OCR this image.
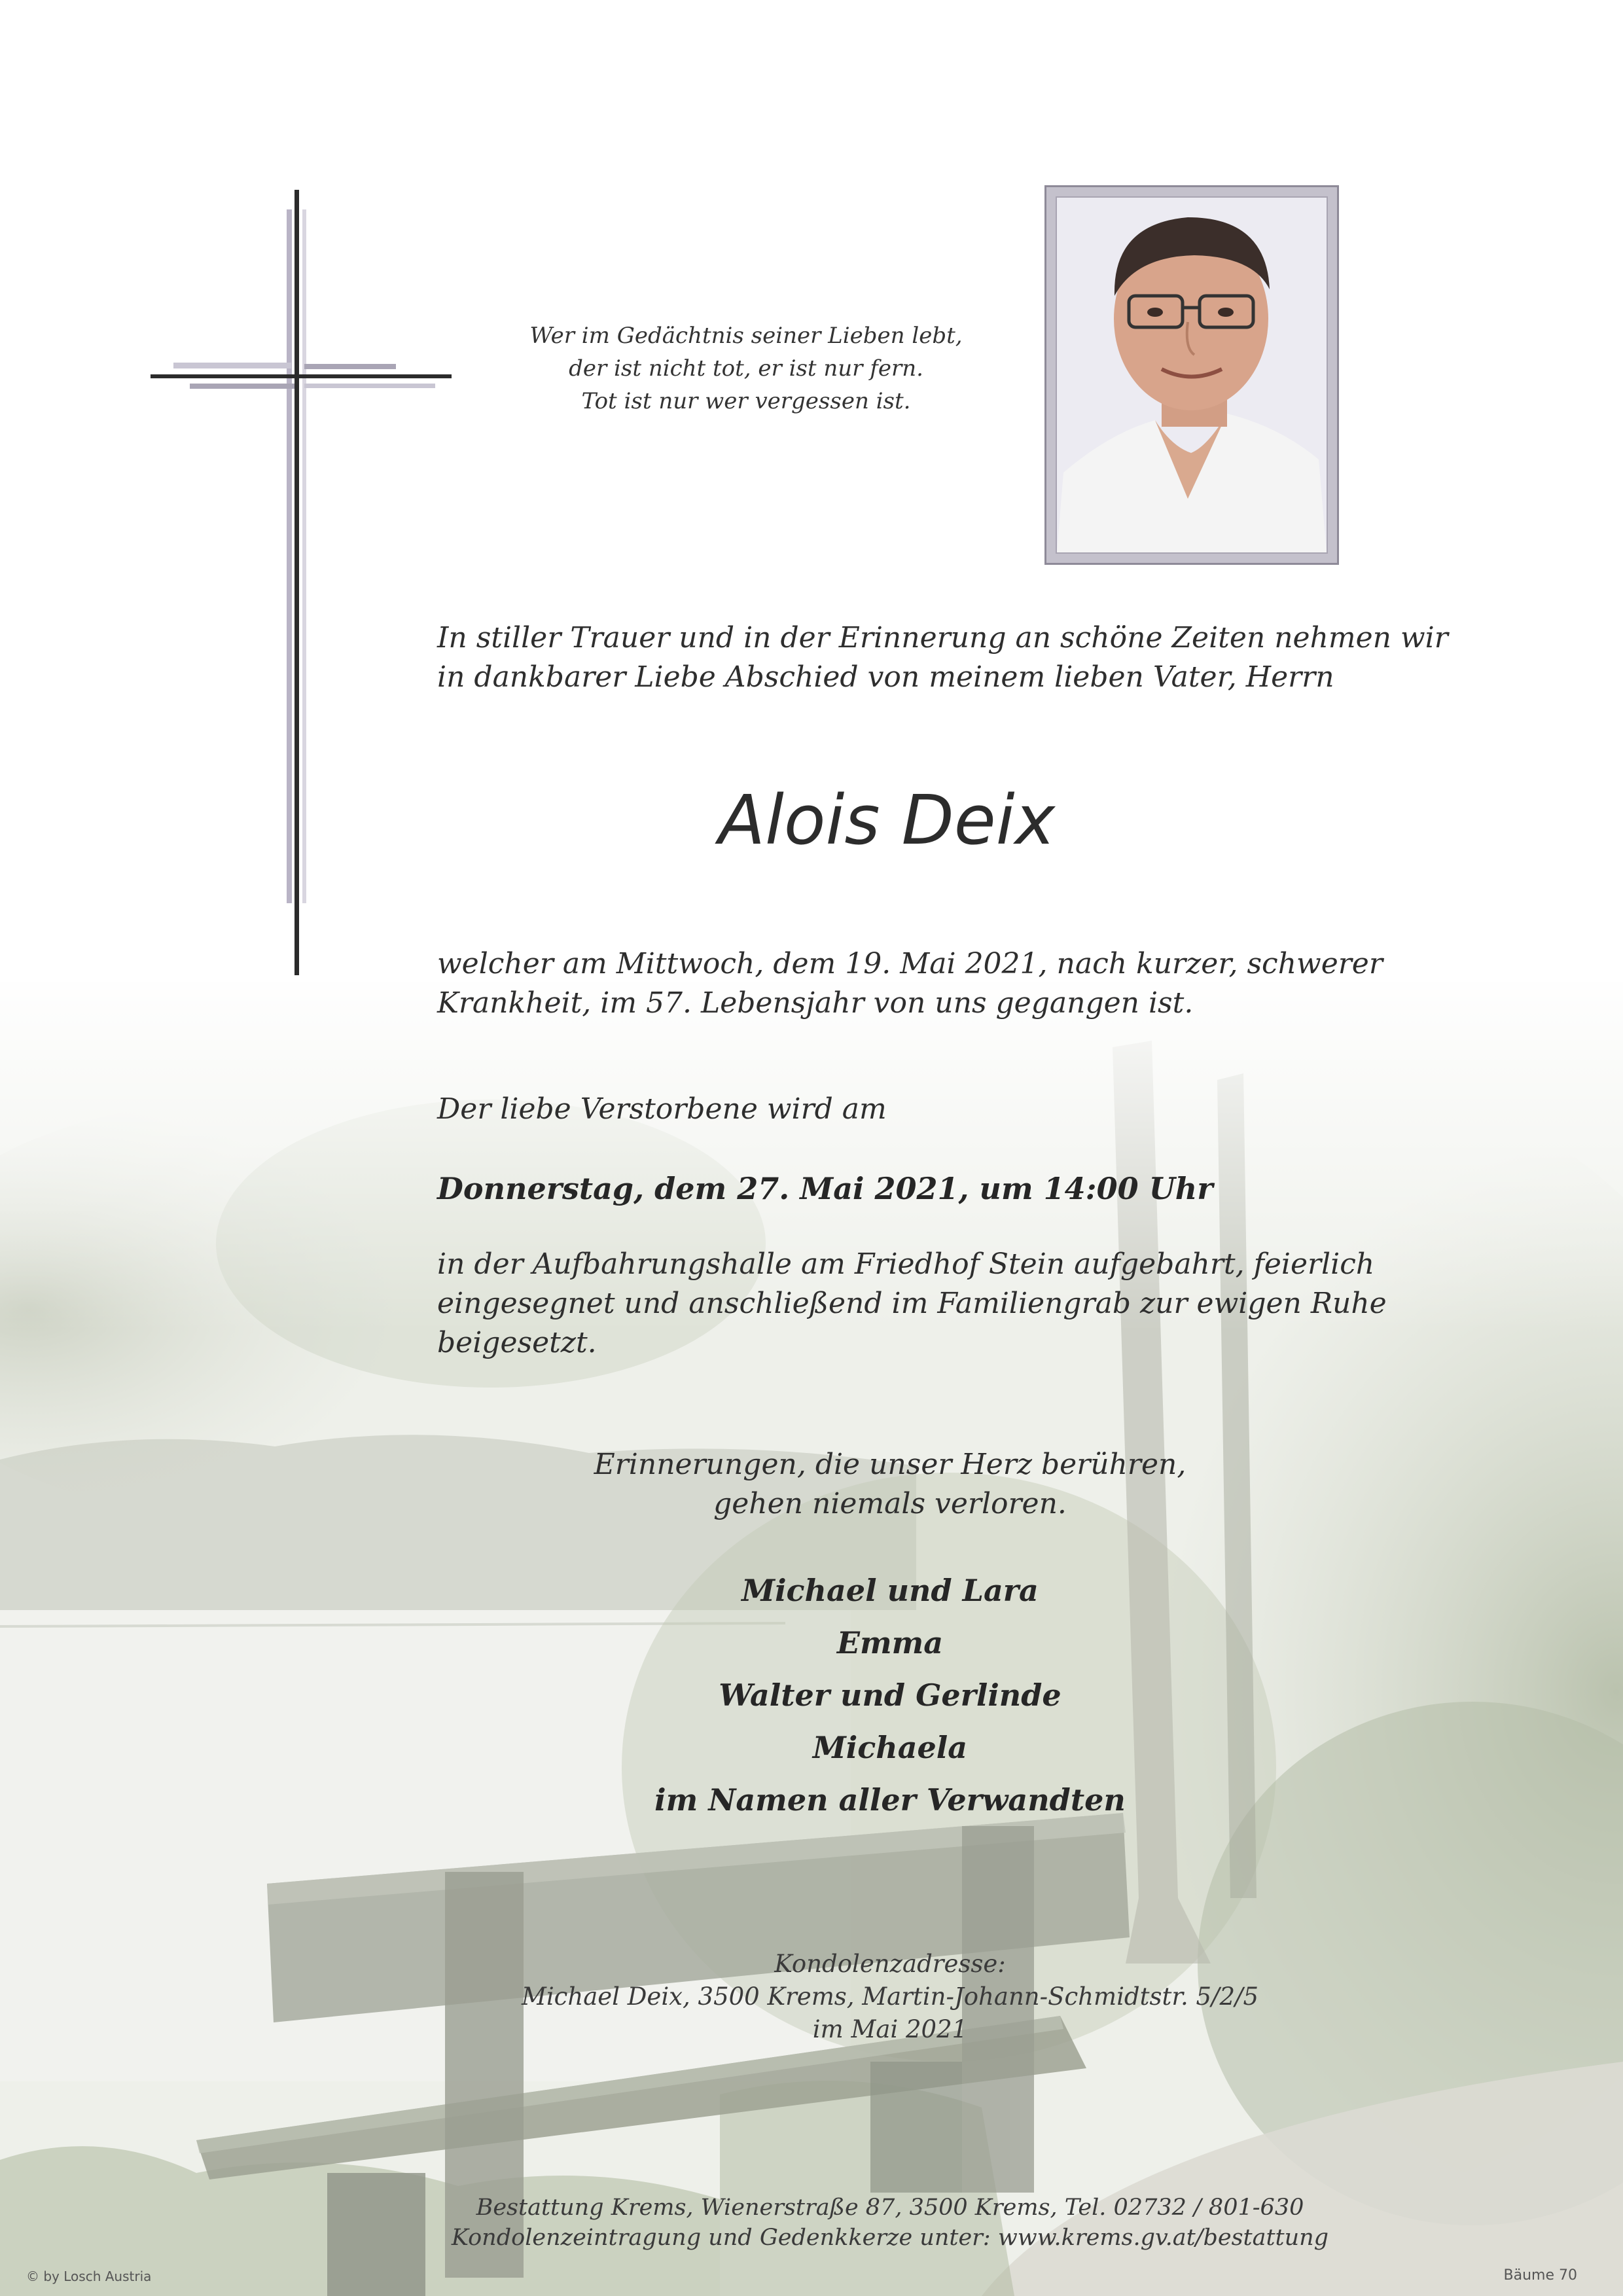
Wer im Gedächtnis seiner Lieben lebt,
der ist nicht tot, er ist nur fern.
Tot ist nur wer vergessen ist.
In stiller Trauer und in der Erinnerung an schöne Zeiten nehmen wir
in dankbarer Liebe Abschied von meinem lieben Vater, Herrn
Alois Deix
welcher am Mittwoch, dem 19. Mai 2021, nach kurzer, schwerer
Krankheit, im 57. Lebensjahr von uns gegangen ist.
Der liebe Verstorbene wird am
Donnerstag, dem 27. Mai 2021, um 14:00 Uhr
in der Aufbahrungshalle am Friedhof Stein aufgebahrt, feierlich
eingesegnet und anschließend im Familiengrab zur ewigen Ruhe
beigesetzt.
Erinnerungen, die unser Herz berühren,
gehen niemals verloren.
Michael und Lara
Emma
Walter und Gerlinde
Michaela
im Namen aller Verwandten
Kondolenzadresse:
Michael Deix, 3500 Krems, Martin-Johann-Schmidtstr. 5/2/5
im Mai 2021
Bestattung Krems, Wienerstraße 87, 3500 Krems, Tel. 02732 / 801-630
Kondolenzeintragung und Gedenkkerze unter: www.krems.gv.at/bestattung
© by Losch Austria	Bäume 70
